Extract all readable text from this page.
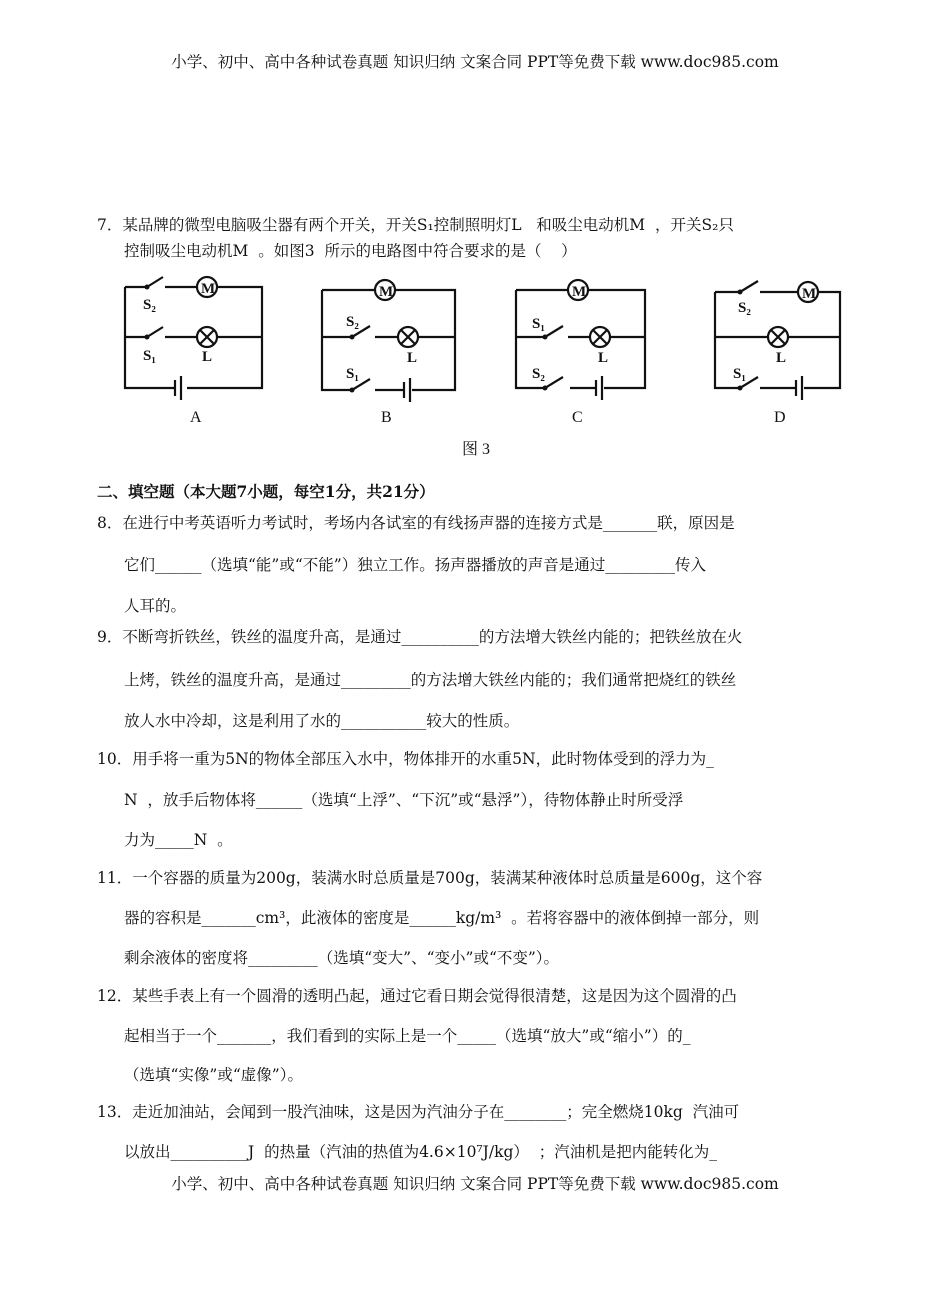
小学、初中、高中各种试卷真题 知识归纳 文案合同 PPT等免费下载 www.doc985.com
7．某品牌的微型电脑吸尘器有两个开关，开关S₁控制照明灯L   和吸尘电动机M  ，开关S₂只
控制吸尘电动机M  。如图3  所示的电路图中符合要求的是（    ）
M
S₂
S₁	L
A
M
S₂
S₁
L
B
M
S₁
S₂
L
C
M
S₂
S₁
L
D
图 3
二、填空题（本大题7小题，每空1分，共21分）
8．在进行中考英语听力考试时，考场内各试室的有线扬声器的连接方式是_______联，原因是
它们______（选填“能”或“不能”）独立工作。扬声器播放的声音是通过_________传入
人耳的。
9．不断弯折铁丝，铁丝的温度升高，是通过__________的方法增大铁丝内能的；把铁丝放在火
上烤，铁丝的温度升高，是通过_________的方法增大铁丝内能的；我们通常把烧红的铁丝
放人水中冷却，这是利用了水的___________较大的性质。
10．用手将一重为5N的物体全部压入水中，物体排开的水重5N，此时物体受到的浮力为_
N  ，放手后物体将______（选填“上浮”、“下沉”或“悬浮”），待物体静止时所受浮
力为_____N  。
11．一个容器的质量为200g，装满水时总质量是700g，装满某种液体时总质量是600g，这个容
器的容积是_______cm³，此液体的密度是______kg/m³  。若将容器中的液体倒掉一部分，则
剩余液体的密度将_________（选填“变大”、“变小”或“不变”）。
12．某些手表上有一个圆滑的透明凸起，通过它看日期会觉得很清楚，这是因为这个圆滑的凸
起相当于一个_______，我们看到的实际上是一个_____（选填“放大”或“缩小”）的_
（选填“实像”或“虚像”）。
13．走近加油站，会闻到一股汽油味，这是因为汽油分子在________；完全燃烧10kg  汽油可
以放出__________J  的热量（汽油的热值为4.6×10⁷J/kg）  ；汽油机是把内能转化为_
小学、初中、高中各种试卷真题 知识归纳 文案合同 PPT等免费下载 www.doc985.com
